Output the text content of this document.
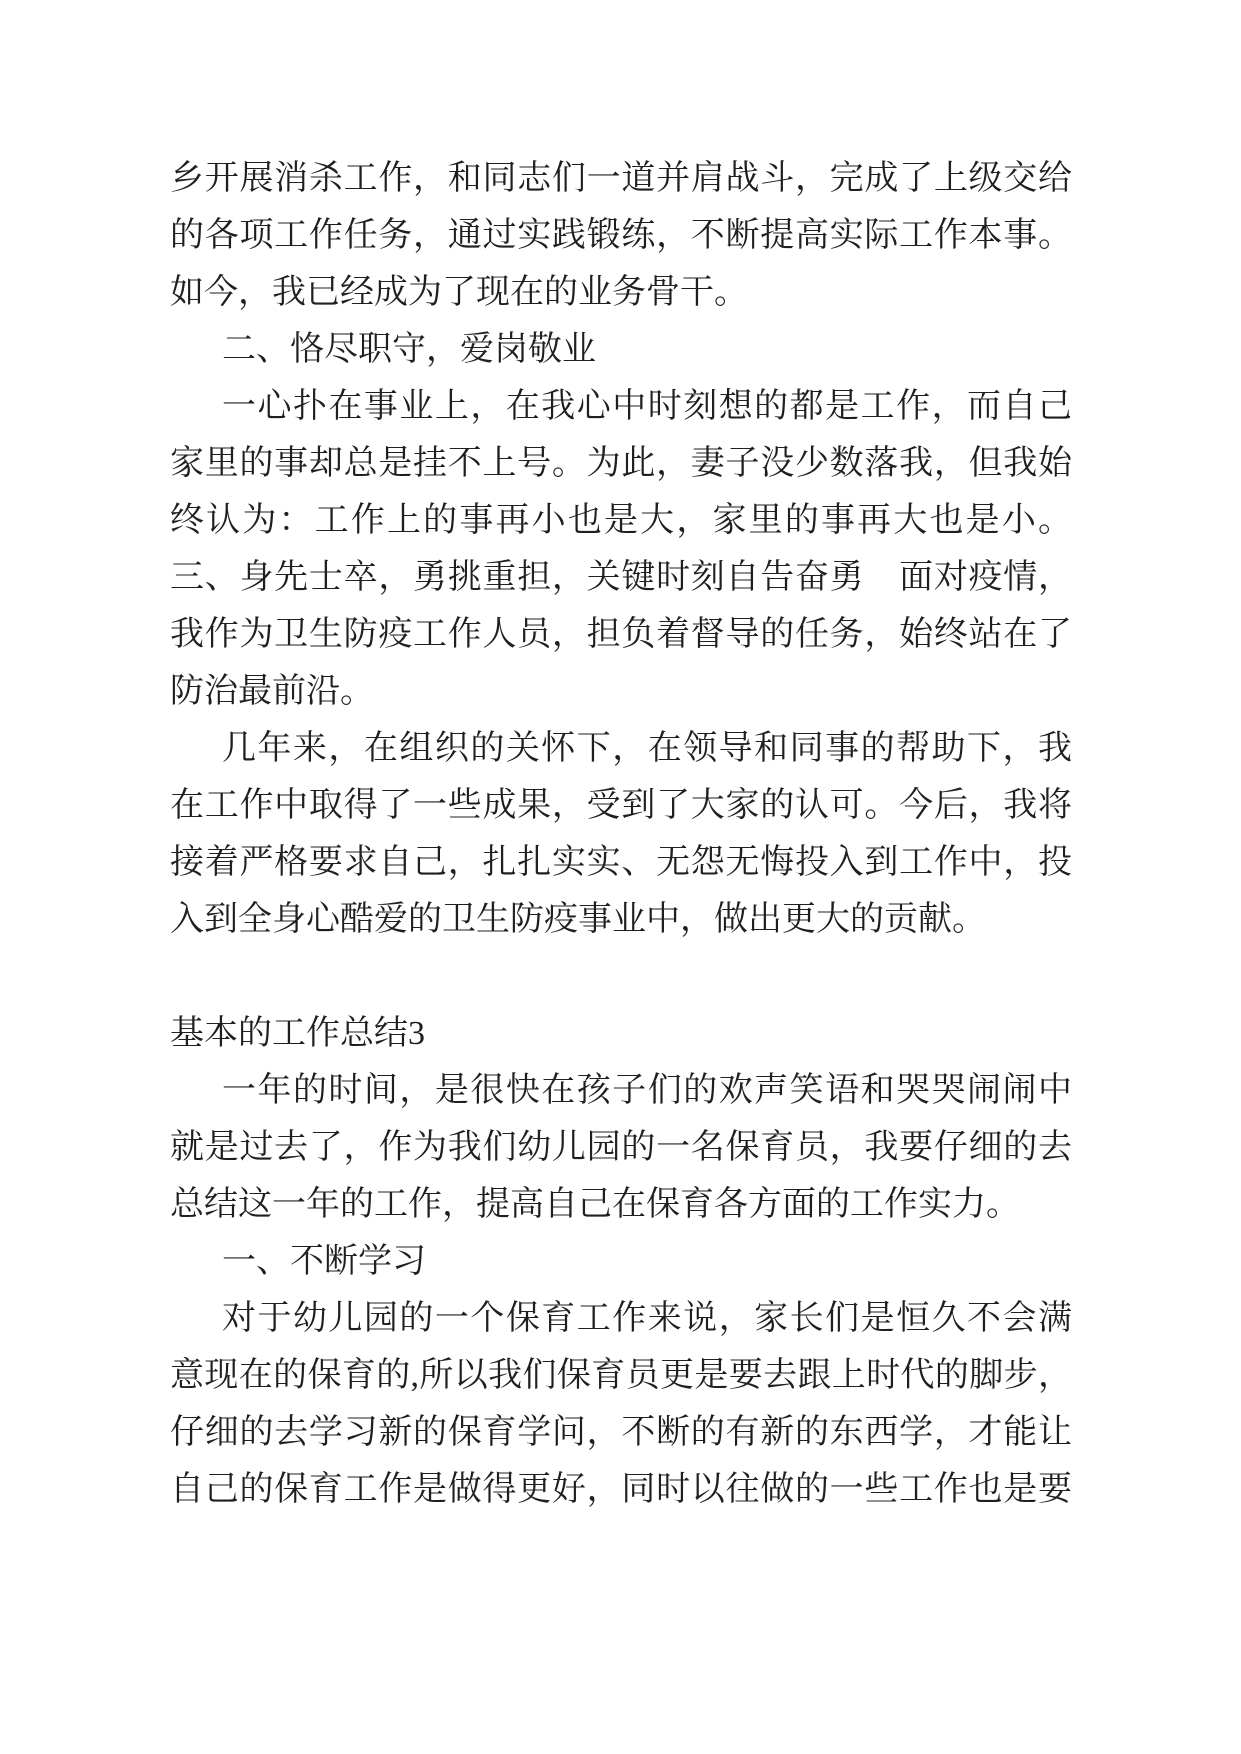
乡开展消杀工作，和同志们一道并肩战斗，完成了上级交给
的各项工作任务，通过实践锻练，不断提高实际工作本事。
如今，我已经成为了现在的业务骨干。
二、恪尽职守，爱岗敬业
一心扑在事业上，在我心中时刻想的都是工作，而自己
家里的事却总是挂不上号。为此，妻子没少数落我，但我始
终认为：工作上的事再小也是大，家里的事再大也是小。
三、身先士卒，勇挑重担，关键时刻自告奋勇　面对疫情，
我作为卫生防疫工作人员，担负着督导的任务，始终站在了
防治最前沿。
几年来，在组织的关怀下，在领导和同事的帮助下，我
在工作中取得了一些成果，受到了大家的认可。今后，我将
接着严格要求自己，扎扎实实、无怨无悔投入到工作中，投
入到全身心酷爱的卫生防疫事业中，做出更大的贡献。
基本的工作总结3
一年的时间，是很快在孩子们的欢声笑语和哭哭闹闹中
就是过去了，作为我们幼儿园的一名保育员，我要仔细的去
总结这一年的工作，提高自己在保育各方面的工作实力。
一、不断学习
对于幼儿园的一个保育工作来说，家长们是恒久不会满
意现在的保育的,所以我们保育员更是要去跟上时代的脚步，
仔细的去学习新的保育学问，不断的有新的东西学，才能让
自己的保育工作是做得更好，同时以往做的一些工作也是要
